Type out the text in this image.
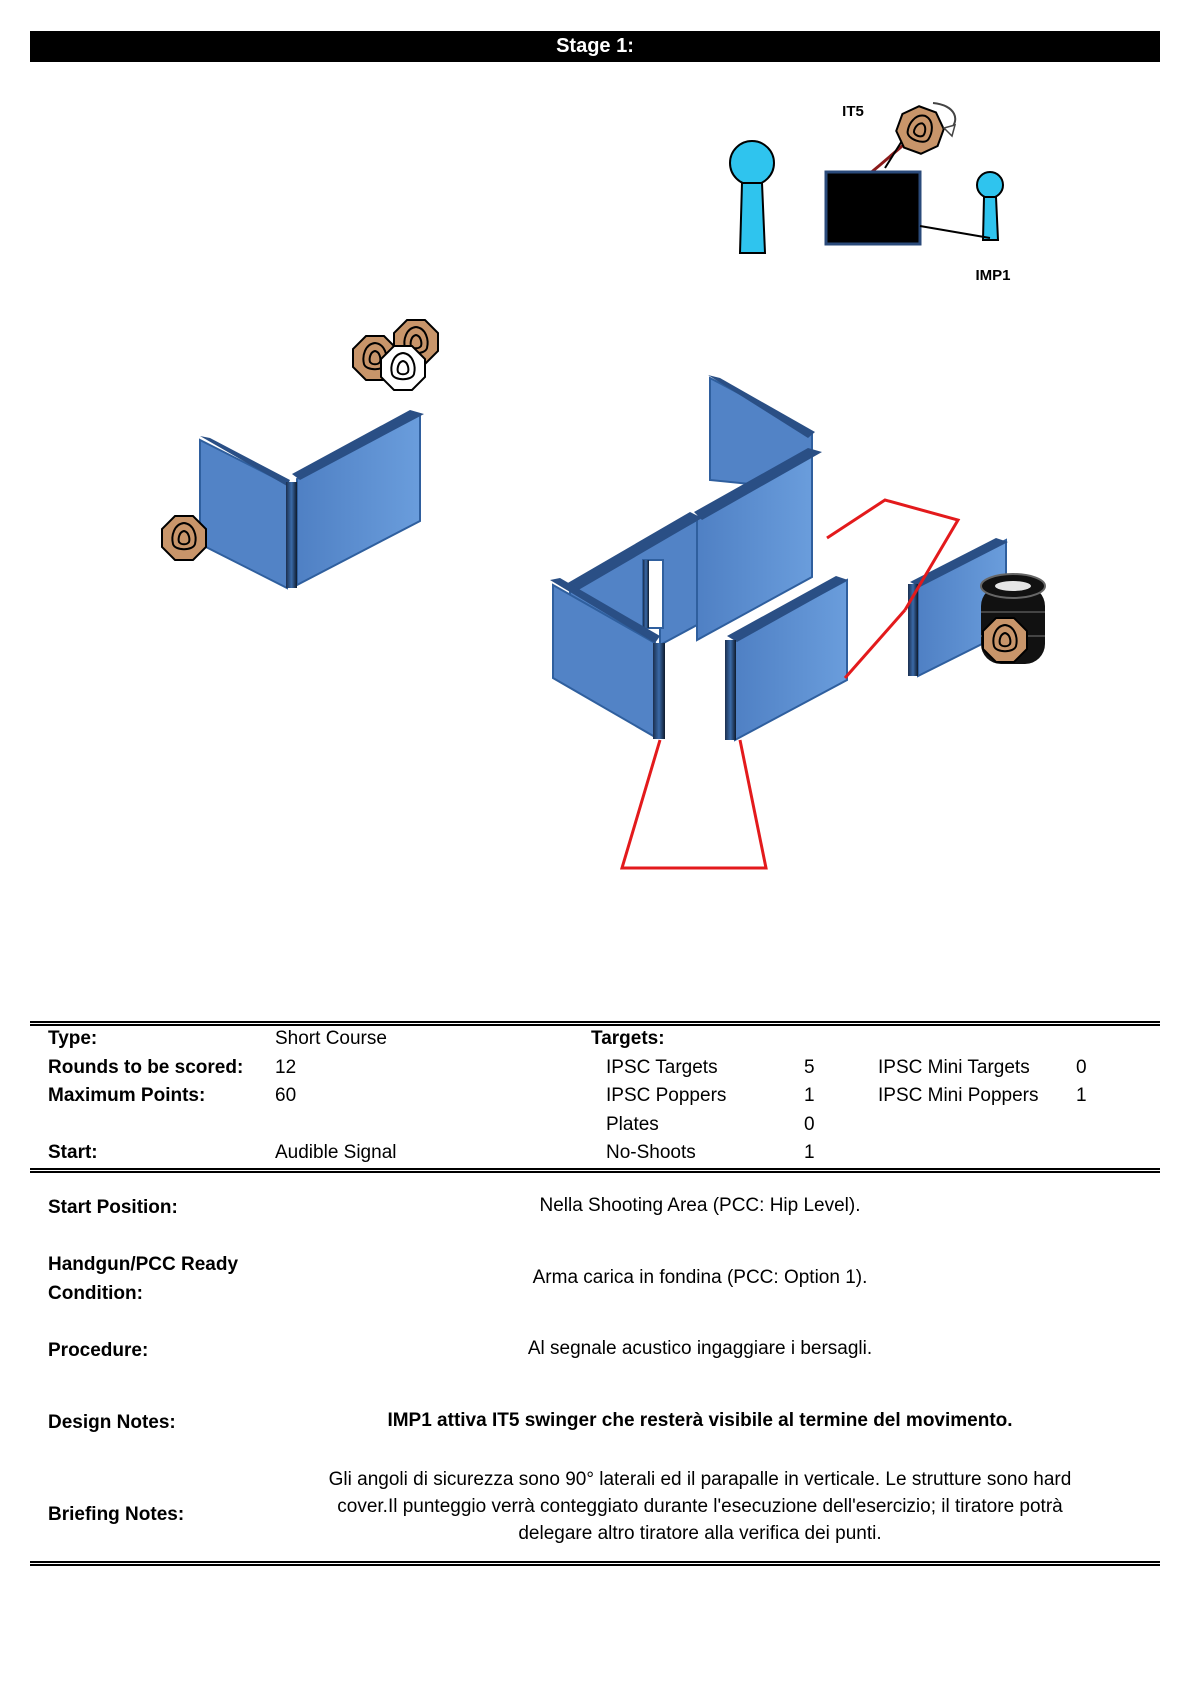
Stage 1:
IT5
IMP1
Type:	Short Course	Targets:
Rounds to be scored: 12	IPSC Targets	5	IPSC Mini Targets 0
Maximum Points:	60	IPSC Poppers	1	IPSC Mini Poppers 1
Plates	0
Start:	Audible Signal	No-Shoots	1
Start Position:	Nella Shooting Area (PCC: Hip Level).
Handgun/PCC Ready
Condition:
Arma carica in fondina (PCC: Option 1).
Procedure:	Al segnale acustico ingaggiare i bersagli.
Design Notes:	IMP1 attiva IT5 swinger che resterà visibile al termine del movimento.
Briefing Notes:
Gli angoli di sicurezza sono 90° laterali ed il parapalle in verticale. Le strutture sono hard
cover.Il punteggio verrà conteggiato durante l'esecuzione dell'esercizio; il tiratore potrà
delegare altro tiratore alla verifica dei punti.
